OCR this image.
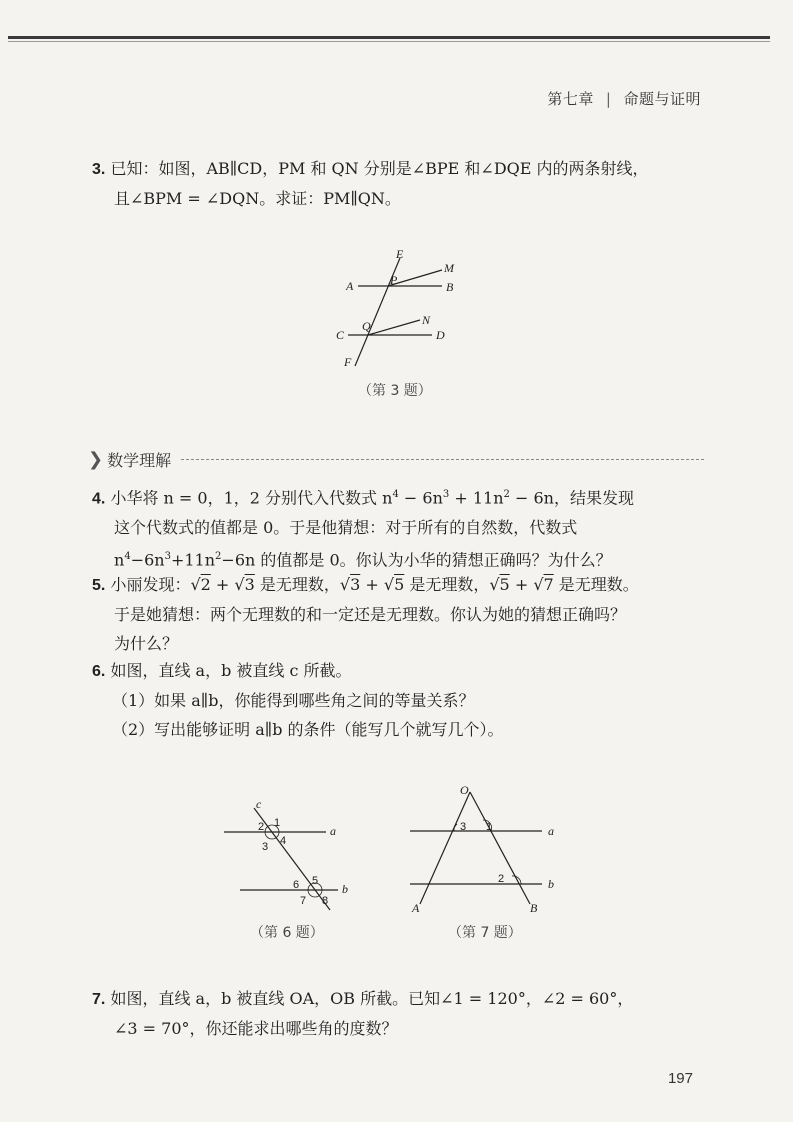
第七章 | 命题与证明

3. 已知：如图，AB∥CD，PM 和 QN 分别是∠BPE 和∠DQE 内的两条射线，

且∠BPM = ∠DQN。求证：PM∥QN。

E
M
A	P	B
C
Q	N
D
F
（第 3 题）
❯ 数学理解

4. 小华将 n = 0，1，2 分别代入代数式 $n^4 - 6n^3 + 11n^2 - 6n$，结果发现

这个代数式的值都是 0。于是他猜想：对于所有的自然数，代数式

$n^4-6n^3+11n^2-6n$ 的值都是 0。你认为小华的猜想正确吗？为什么？

5. 小丽发现：√2 + √3 是无理数，√3 + √5 是无理数，√5 + √7 是无理数。

于是她猜想：两个无理数的和一定还是无理数。你认为她的猜想正确吗？

为什么？

6. 如图，直线 a，b 被直线 c 所截。

（1）如果 a∥b，你能得到哪些角之间的等量关系？

（2）写出能够证明 a∥b 的条件（能写几个就写几个）。

c
2 1
a
3 4
6 5
b
7 8
（第 6 题）
O
3 1	a
2	b
A	B
（第 7 题）

7. 如图，直线 a，b 被直线 OA，OB 所截。已知∠1 = 120°，∠2 = 60°，

∠3 = 70°，你还能求出哪些角的度数？

197
